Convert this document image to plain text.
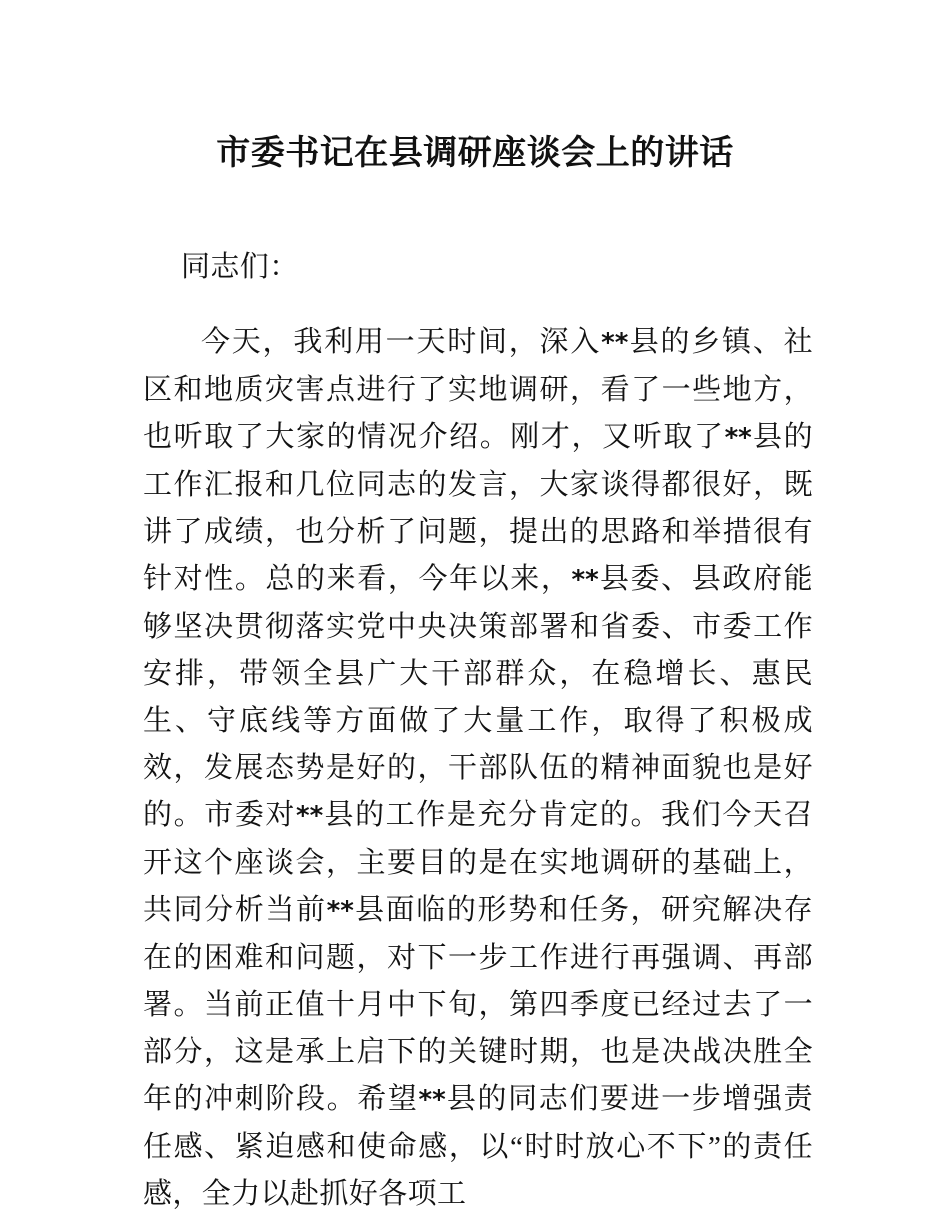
市委书记在县调研座谈会上的讲话

同志们：

今天，我利用一天时间，深入**县的乡镇、社区和地质灾害点进行了实地调研，看了一些地方，也听取了大家的情况介绍。刚才，又听取了**县的工作汇报和几位同志的发言，大家谈得都很好，既讲了成绩，也分析了问题，提出的思路和举措很有针对性。总的来看，今年以来，**县委、县政府能够坚决贯彻落实党中央决策部署和省委、市委工作安排，带领全县广大干部群众，在稳增长、惠民生、守底线等方面做了大量工作，取得了积极成效，发展态势是好的，干部队伍的精神面貌也是好的。市委对**县的工作是充分肯定的。我们今天召开这个座谈会，主要目的是在实地调研的基础上，共同分析当前**县面临的形势和任务，研究解决存在的困难和问题，对下一步工作进行再强调、再部署。当前正值十月中下旬，第四季度已经过去了一部分，这是承上启下的关键时期，也是决战决胜全年的冲刺阶段。希望**县的同志们要进一步增强责任感、紧迫感和使命感，以“时时放心不下”的责任感，全力以赴抓好各项工
